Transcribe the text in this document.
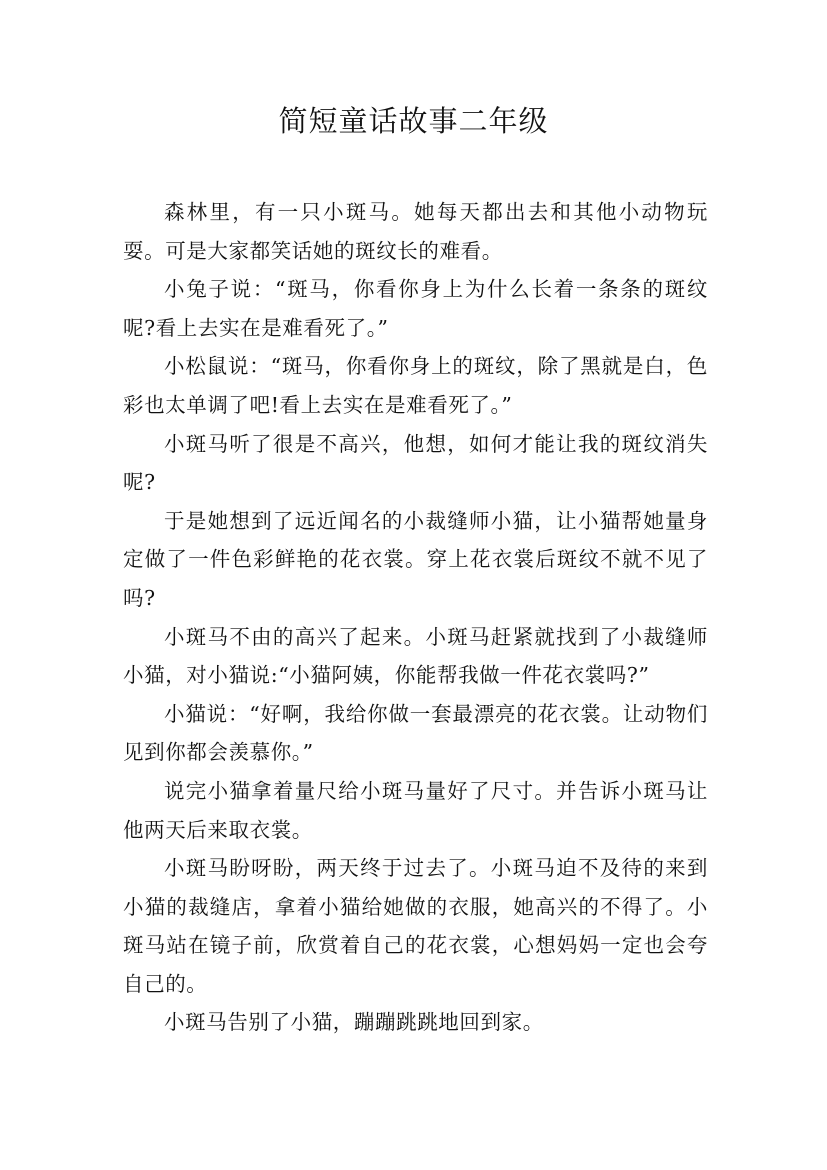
简短童话故事二年级

森林里，有一只小斑马。她每天都出去和其他小动物玩耍。可是大家都笑话她的斑纹长的难看。

小兔子说：“斑马，你看你身上为什么长着一条条的斑纹呢?看上去实在是难看死了。”

小松鼠说：“斑马，你看你身上的斑纹，除了黑就是白，色彩也太单调了吧!看上去实在是难看死了。”

小斑马听了很是不高兴，他想，如何才能让我的斑纹消失呢?

于是她想到了远近闻名的小裁缝师小猫，让小猫帮她量身定做了一件色彩鲜艳的花衣裳。穿上花衣裳后斑纹不就不见了吗?

小斑马不由的高兴了起来。小斑马赶紧就找到了小裁缝师小猫，对小猫说:“小猫阿姨，你能帮我做一件花衣裳吗?”

小猫说：“好啊，我给你做一套最漂亮的花衣裳。让动物们见到你都会羡慕你。”

说完小猫拿着量尺给小斑马量好了尺寸。并告诉小斑马让他两天后来取衣裳。

小斑马盼呀盼，两天终于过去了。小斑马迫不及待的来到小猫的裁缝店，拿着小猫给她做的衣服，她高兴的不得了。小斑马站在镜子前，欣赏着自己的花衣裳，心想妈妈一定也会夸自己的。

小斑马告别了小猫，蹦蹦跳跳地回到家。
